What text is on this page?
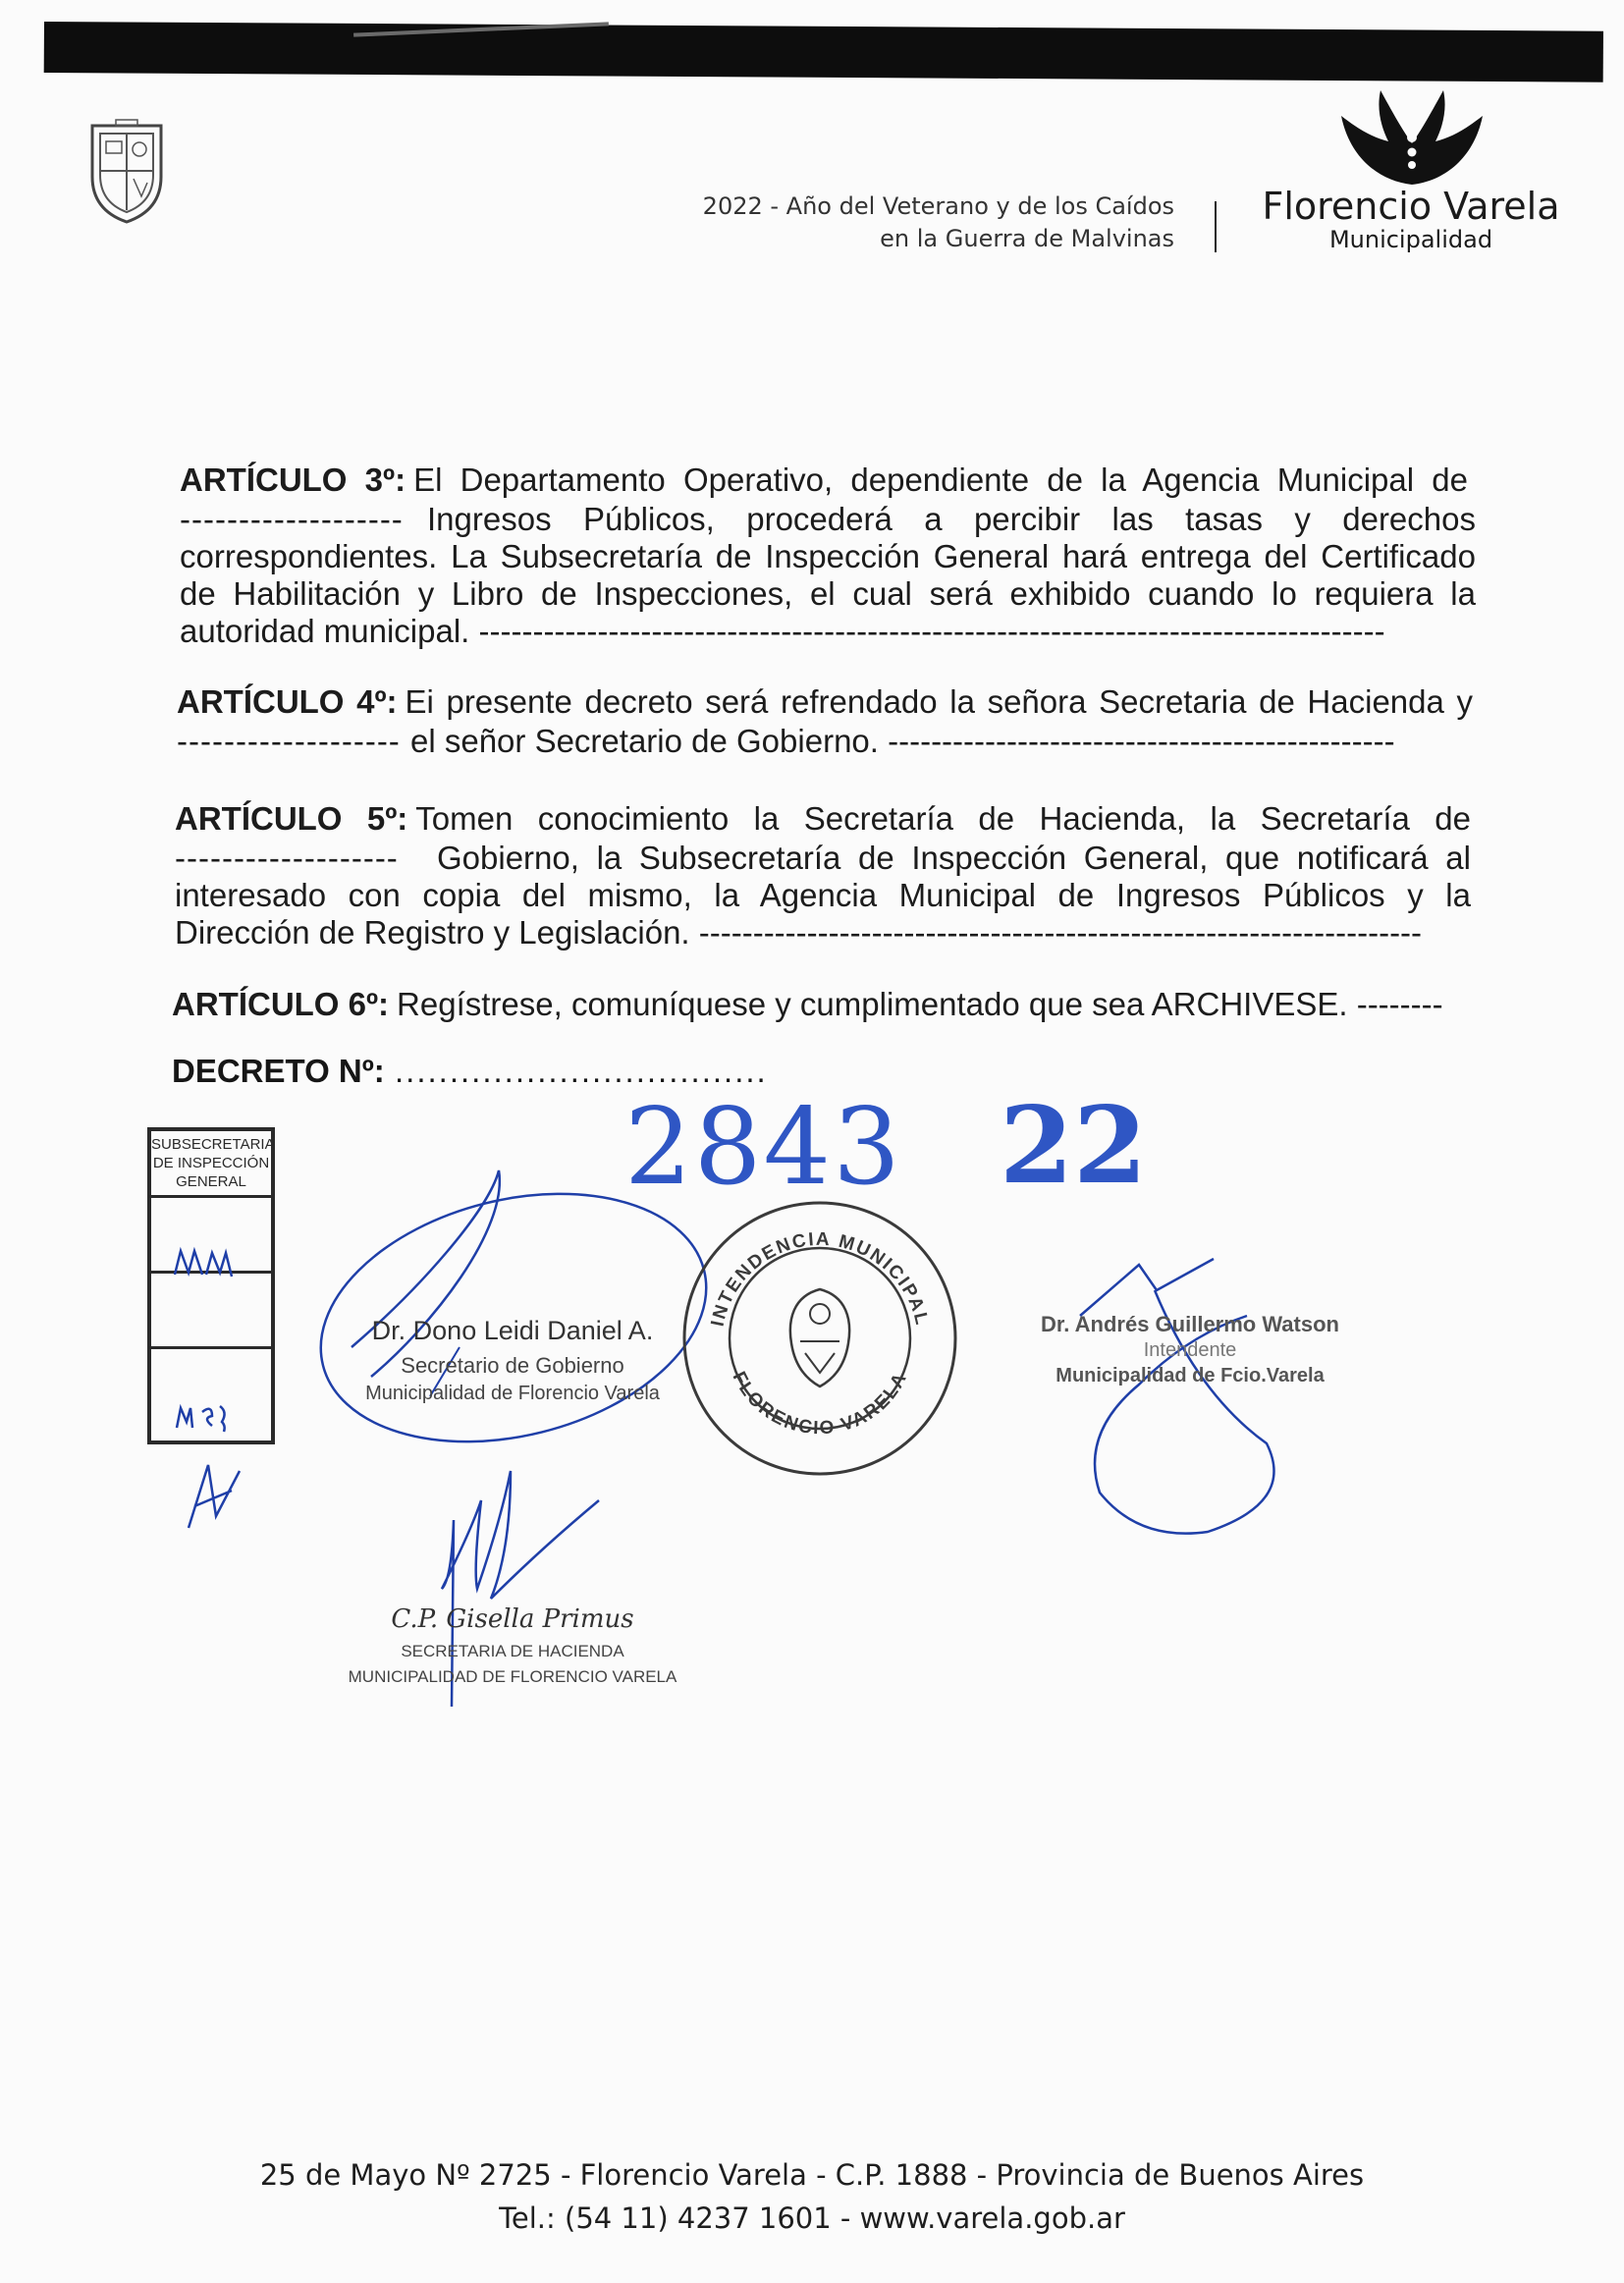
2022 - Año del Veterano y de los Caídos
en la Guerra de Malvinas
Florencio Varela
Municipalidad
ARTÍCULO 3º: El Departamento Operativo, dependiente de la Agencia Municipal de
------------------- Ingresos Públicos, procederá a percibir las tasas y derechos
correspondientes. La Subsecretaría de Inspección General hará entrega del Certificado
de Habilitación y Libro de Inspecciones, el cual será exhibido cuando lo requiera la
autoridad municipal. ------------------------------------------------------------------------------------
ARTÍCULO 4º: Ei presente decreto será refrendado la señora Secretaria de Hacienda y
------------------- el señor Secretario de Gobierno. -----------------------------------------------
ARTÍCULO 5º: Tomen conocimiento la Secretaría de Hacienda, la Secretaría de
------------------- Gobierno, la Subsecretaría de Inspección General, que notificará al
interesado con copia del mismo, la Agencia Municipal de Ingresos Públicos y la
Dirección de Registro y Legislación. -------------------------------------------------------------------
ARTÍCULO 6º: Regístrese, comuníquese y cumplimentado que sea ARCHIVESE. --------
DECRETO Nº: ..................................
2843 22
SUBSECRETARIA
DE INSPECCIÓN
GENERAL
Dr. Dono Leidi Daniel A.
Secretario de Gobierno
Municipalidad de Florencio Varela
INTENDENCIA MUNICIPAL
FLORENCIO VARELA
Dr. Andrés Guillermo Watson
Intendente
Municipalidad de Fcio.Varela
C.P. Gisella Primus
SECRETARIA DE HACIENDA
MUNICIPALIDAD DE FLORENCIO VARELA
25 de Mayo Nº 2725 - Florencio Varela - C.P. 1888 - Provincia de Buenos Aires
Tel.: (54 11) 4237 1601 - www.varela.gob.ar
